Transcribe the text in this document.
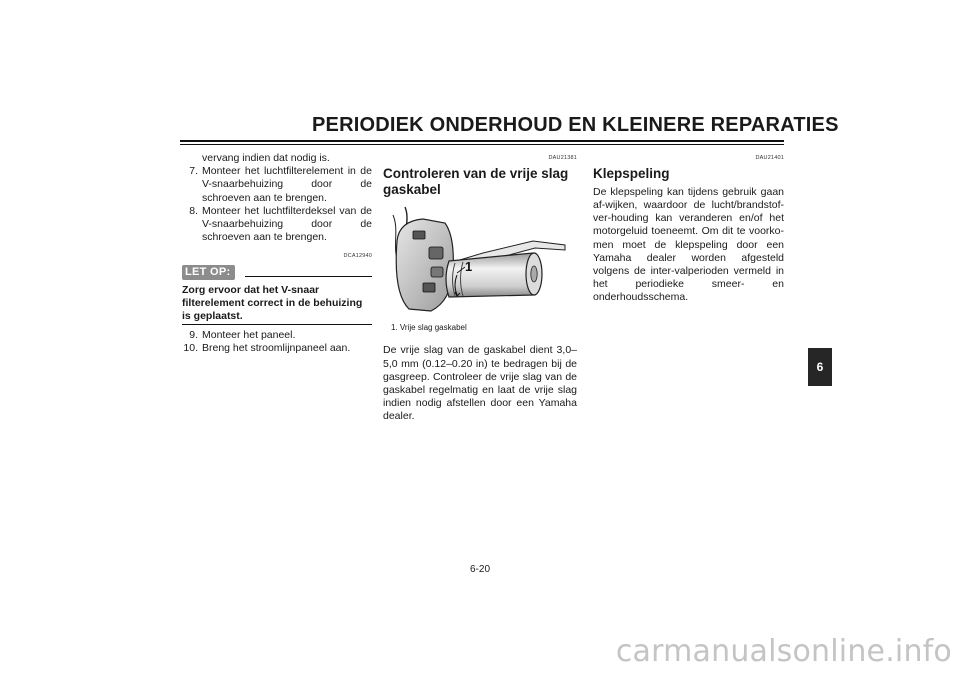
PERIODIEK ONDERHOUD EN KLEINERE REPARATIES

vervang indien dat nodig is.

7. Monteer het luchtfilterelement in de V-snaarbehuizing door de schroeven aan te brengen.
8. Monteer het luchtfilterdeksel van de V-snaarbehuizing door de schroeven aan te brengen.
DCA12940
LET OP:
Zorg ervoor dat het V-snaar filterelement correct in de behuizing is geplaatst.
9. Monteer het paneel.
10. Breng het stroomlijnpaneel aan.
DAU21381
Controleren van de vrije slag gaskabel
1
1. Vrije slag gaskabel

De vrije slag van de gaskabel dient 3,0–5,0 mm (0.12–0.20 in) te bedragen bij de gasgreep. Controleer de vrije slag van de gaskabel regelmatig en laat de vrije slag indien nodig afstellen door een Yamaha dealer.

DAU21401
Klepspeling

De klepspeling kan tijdens gebruik gaan af-wijken, waardoor de lucht/brandstof-ver-houding kan veranderen en/of het motorgeluid toeneemt. Om dit te voorko-men moet de klepspeling door een Yamaha dealer worden afgesteld volgens de inter-valperioden vermeld in het periodieke smeer- en onderhoudsschema.

6
6-20
carmanualsonline.info
